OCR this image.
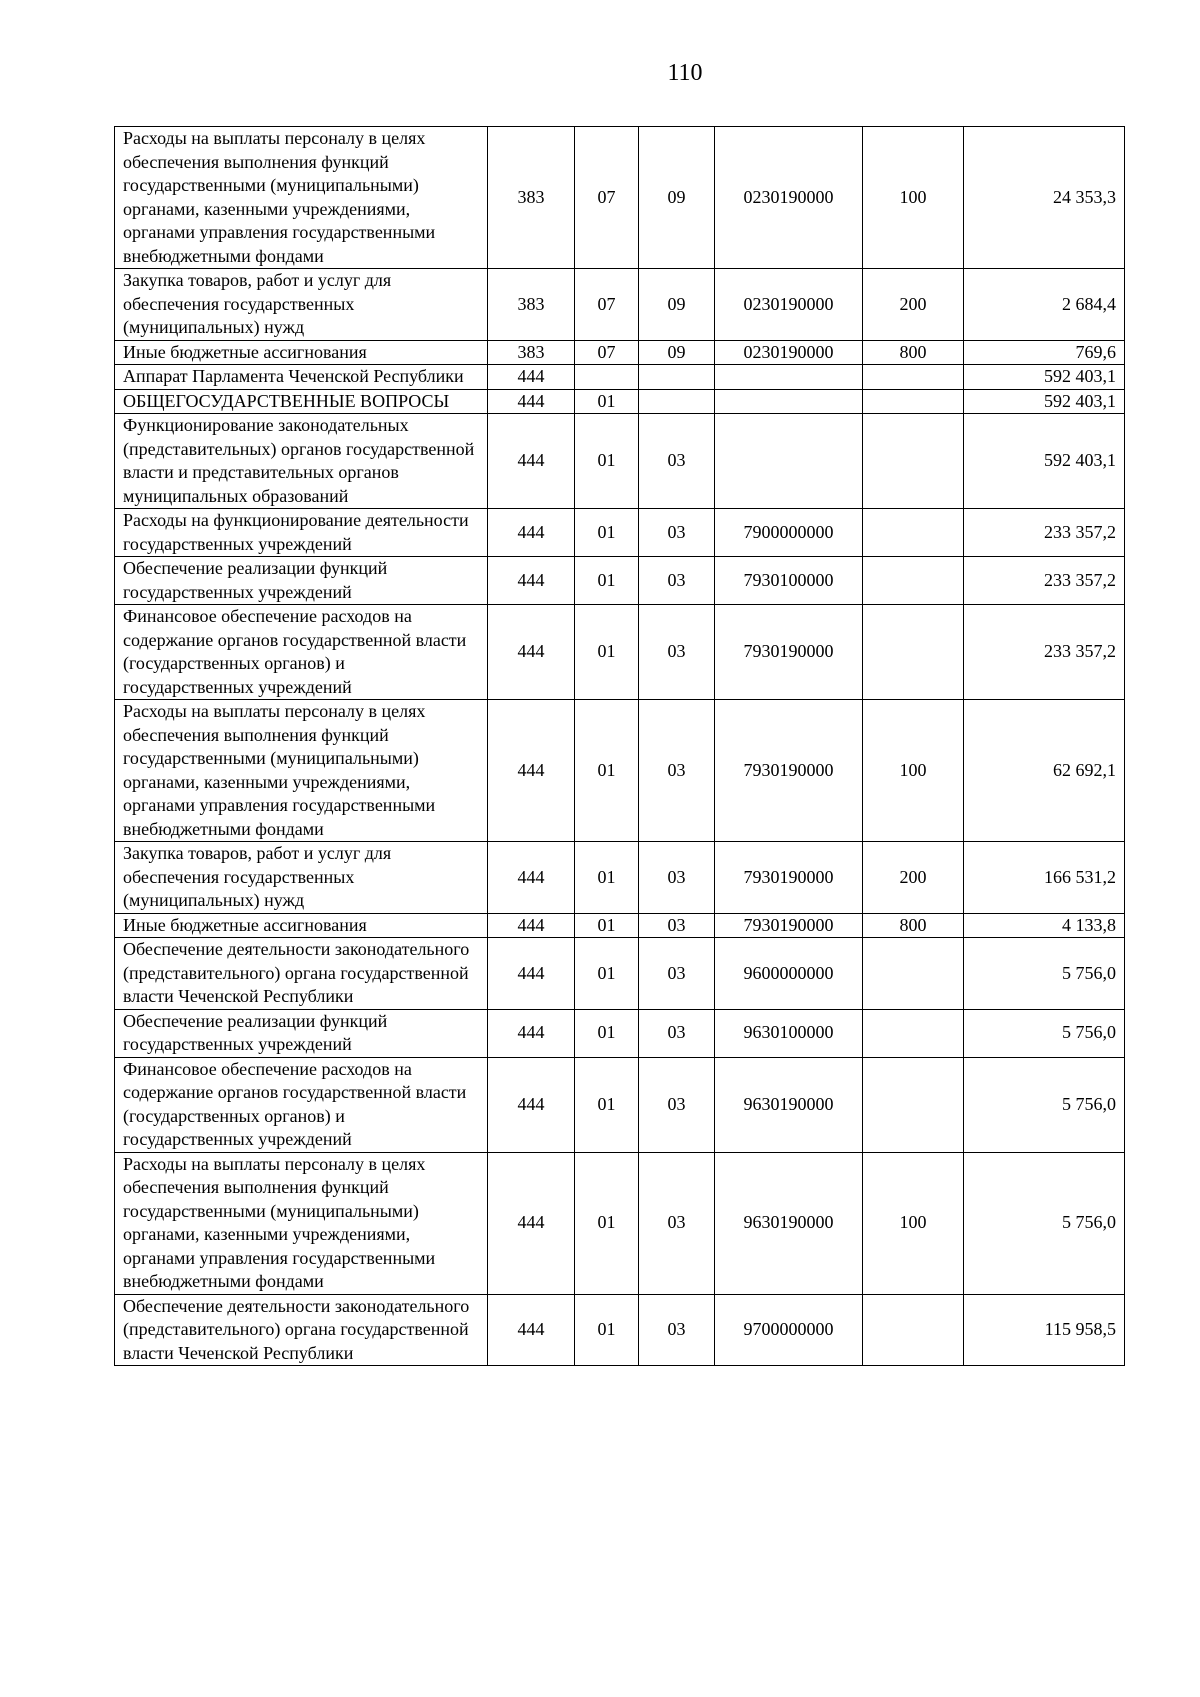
110
Расходы на выплаты персоналу в целях обеспечения выполнения функций государственными (муниципальными) органами, казенными учреждениями, органами управления государственными внебюджетными фондами	383	07	09	0230190000	100	24 353,3
Закупка товаров, работ и услуг для обеспечения государственных (муниципальных) нужд	383	07	09	0230190000	200	2 684,4
Иные бюджетные ассигнования	383	07	09	0230190000	800	769,6
Аппарат Парламента Чеченской Республики	444					592 403,1
ОБЩЕГОСУДАРСТВЕННЫЕ ВОПРОСЫ	444	01				592 403,1
Функционирование законодательных (представительных) органов государственной власти и представительных органов муниципальных образований	444	01	03			592 403,1
Расходы на функционирование деятельности государственных учреждений	444	01	03	7900000000		233 357,2
Обеспечение реализации функций государственных учреждений	444	01	03	7930100000		233 357,2
Финансовое обеспечение расходов на содержание органов государственной власти (государственных органов) и государственных учреждений	444	01	03	7930190000		233 357,2
Расходы на выплаты персоналу в целях обеспечения выполнения функций государственными (муниципальными) органами, казенными учреждениями, органами управления государственными внебюджетными фондами	444	01	03	7930190000	100	62 692,1
Закупка товаров, работ и услуг для обеспечения государственных (муниципальных) нужд	444	01	03	7930190000	200	166 531,2
Иные бюджетные ассигнования	444	01	03	7930190000	800	4 133,8
Обеспечение деятельности законодательного (представительного) органа государственной власти Чеченской Республики	444	01	03	9600000000		5 756,0
Обеспечение реализации функций государственных учреждений	444	01	03	9630100000		5 756,0
Финансовое обеспечение расходов на содержание органов государственной власти (государственных органов) и государственных учреждений	444	01	03	9630190000		5 756,0
Расходы на выплаты персоналу в целях обеспечения выполнения функций государственными (муниципальными) органами, казенными учреждениями, органами управления государственными внебюджетными фондами	444	01	03	9630190000	100	5 756,0
Обеспечение деятельности законодательного (представительного) органа государственной власти Чеченской Республики	444	01	03	9700000000		115 958,5
